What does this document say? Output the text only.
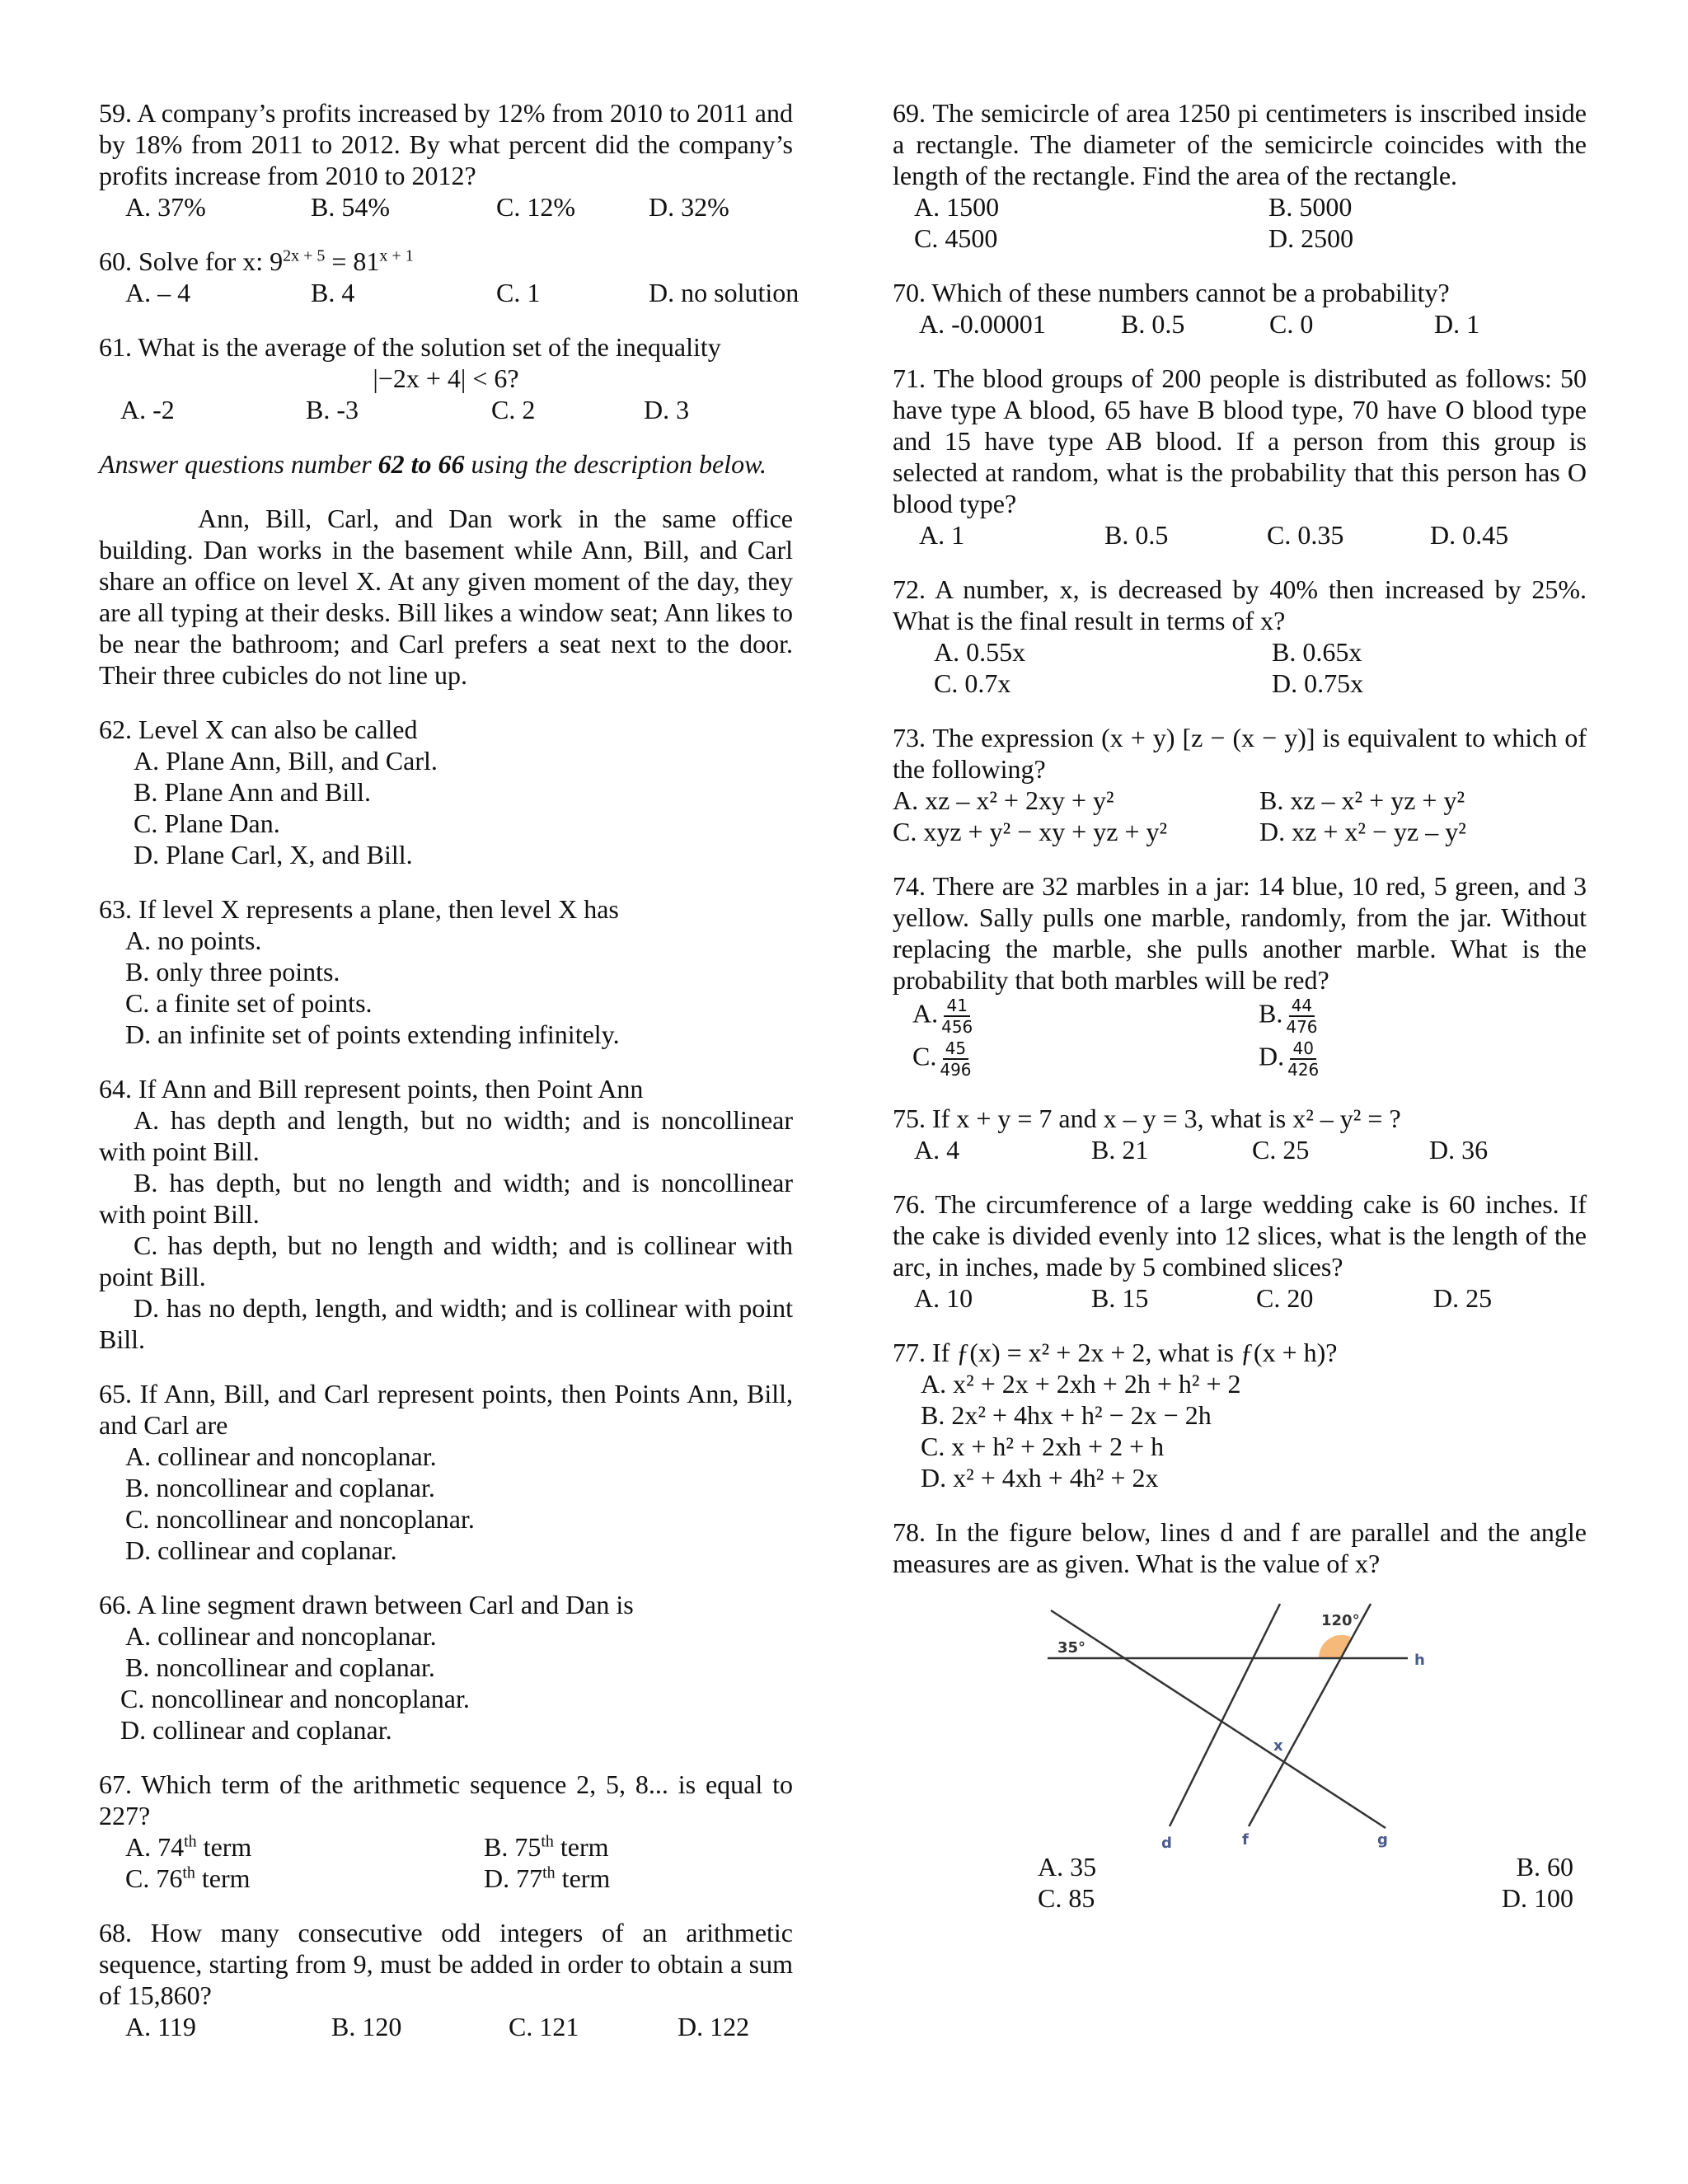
59. A company’s profits increased by 12% from 2010 to 2011 and by 18% from 2011 to 2012. By what percent did the company’s profits increase from 2010 to 2012?

A. 37%	B. 54%	C. 12%	D. 32%

60. Solve for x: $9^{2x + 5} = 81^{x + 1}$

A. – 4	B. 4	C. 1	D. no solution

61. What is the average of the solution set of the inequality

|−2x + 4| < 6?

A. -2	B. -3	C. 2	D. 3

Answer questions number 62 to 66 using the description below.

Ann, Bill, Carl, and Dan work in the same office building. Dan works in the basement while Ann, Bill, and Carl share an office on level X. At any given moment of the day, they are all typing at their desks. Bill likes a window seat; Ann likes to be near the bathroom; and Carl prefers a seat next to the door. Their three cubicles do not line up.

62. Level X can also be called

A. Plane Ann, Bill, and Carl.
B. Plane Ann and Bill.
C. Plane Dan.
D. Plane Carl, X, and Bill.

63. If level X represents a plane, then level X has

A. no points.
B. only three points.
C. a finite set of points.
D. an infinite set of points extending infinitely.

64. If Ann and Bill represent points, then Point Ann

A. has depth and length, but no width; and is noncollinear with point Bill.

B. has depth, but no length and width; and is noncollinear with point Bill.

C. has depth, but no length and width; and is collinear with point Bill.

D. has no depth, length, and width; and is collinear with point Bill.

65. If Ann, Bill, and Carl represent points, then Points Ann, Bill, and Carl are

A. collinear and noncoplanar.
B. noncollinear and coplanar.
C. noncollinear and noncoplanar.
D. collinear and coplanar.

66. A line segment drawn between Carl and Dan is

A. collinear and noncoplanar.
B. noncollinear and coplanar.
C. noncollinear and noncoplanar.
D. collinear and coplanar.

67. Which term of the arithmetic sequence 2, 5, 8... is equal to 227?

A. 74th term	B. 75th term
C. 76th term	D. 77th term

68. How many consecutive odd integers of an arithmetic sequence, starting from 9, must be added in order to obtain a sum of 15,860?

A. 119	B. 120	C. 121	D. 122

69. The semicircle of area 1250 pi centimeters is inscribed inside a rectangle. The diameter of the semicircle coincides with the length of the rectangle. Find the area of the rectangle.

A. 1500	B. 5000
C. 4500	D. 2500

70. Which of these numbers cannot be a probability?

A. -0.00001	B. 0.5	C. 0	D. 1

71. The blood groups of 200 people is distributed as follows: 50 have type A blood, 65 have B blood type, 70 have O blood type and 15 have type AB blood. If a person from this group is selected at random, what is the probability that this person has O blood type?

A. 1	B. 0.5	C. 0.35	D. 0.45

72. A number, x, is decreased by 40% then increased by 25%. What is the final result in terms of x?

A. 0.55x	B. 0.65x
C. 0.7x	D. 0.75x

73. The expression (x + y) [z − (x − y)] is equivalent to which of the following?

A. xz – x² + 2xy + y²	B. xz – x² + yz + y²
C. xyz + y² − xy + yz + y²	D. xz + x² − yz – y²

74. There are 32 marbles in a jar: 14 blue, 10 red, 5 green, and 3 yellow. Sally pulls one marble, randomly, from the jar. Without replacing the marble, she pulls another marble. What is the probability that both marbles will be red?

A. $\frac{41}{456}$	B. $\frac{44}{476}$
C. $\frac{45}{496}$	D. $\frac{40}{426}$

75. If x + y = 7 and x – y = 3, what is x² – y² = ?

A. 4	B. 21	C. 25	D. 36

76. The circumference of a large wedding cake is 60 inches. If the cake is divided evenly into 12 slices, what is the length of the arc, in inches, made by 5 combined slices?

A. 10	B. 15	C. 20	D. 25

77. If ƒ(x) = x² + 2x + 2, what is ƒ(x + h)?

A. x² + 2x + 2xh + 2h + h² + 2
B. 2x² + 4hx + h² − 2x − 2h
C. x + h² + 2xh + 2 + h
D. x² + 4xh + 4h² + 2x

78. In the figure below, lines d and f are parallel and the angle measures are as given. What is the value of x?

35°
120°
x
h
d	f	g
A. 35	B. 60
C. 85	D. 100
